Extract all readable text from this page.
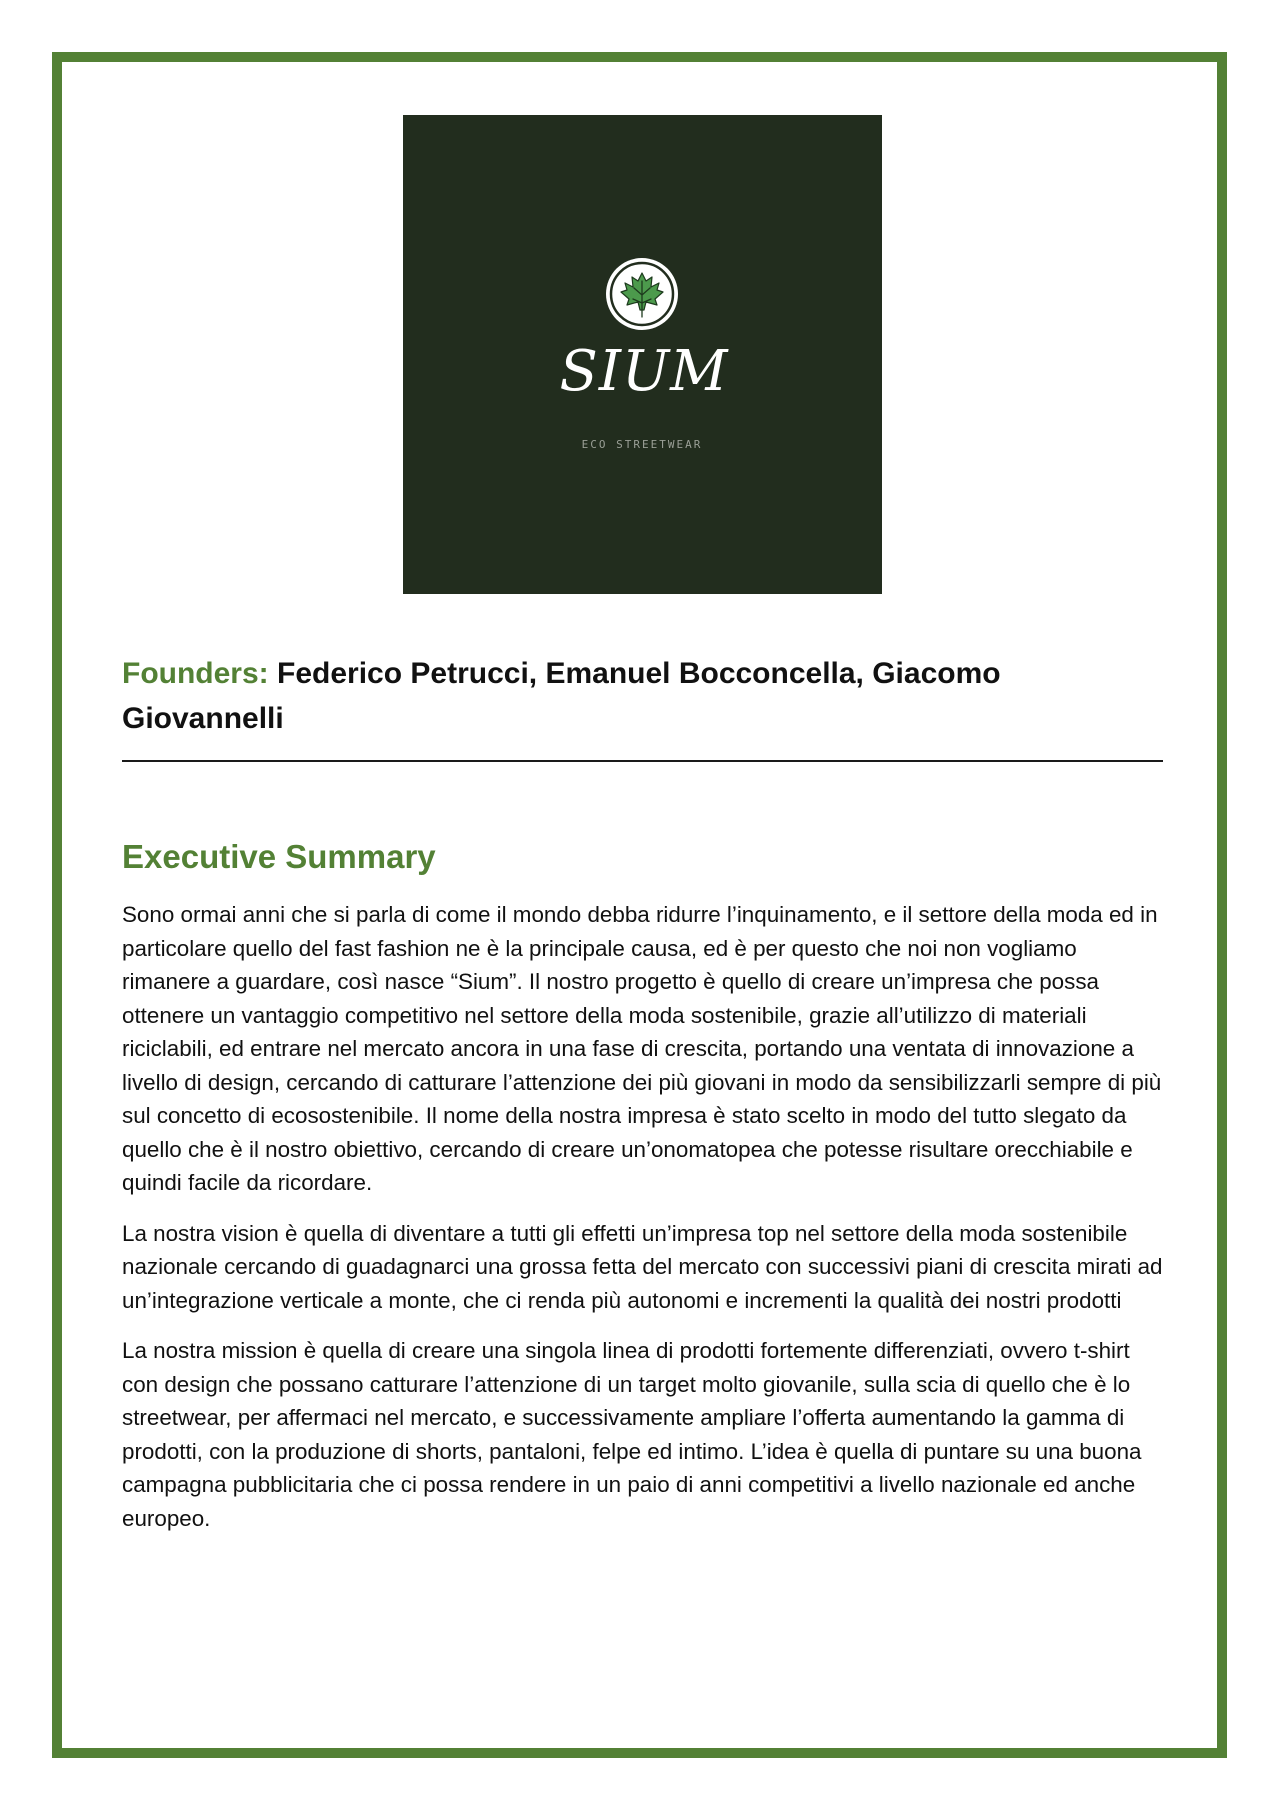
SIUM
ECO STREETWEAR
Founders: Federico Petrucci, Emanuel Bocconcella, Giacomo Giovannelli
Executive Summary

Sono ormai anni che si parla di come il mondo debba ridurre l’inquinamento, e il settore della moda ed in particolare quello del fast fashion ne è la principale causa, ed è per questo che noi non vogliamo rimanere a guardare, così nasce “Sium”. Il nostro progetto è quello di creare un’impresa che possa ottenere un vantaggio competitivo nel settore della moda sostenibile, grazie all’utilizzo di materiali riciclabili, ed entrare nel mercato ancora in una fase di crescita, portando una ventata di innovazione a livello di design, cercando di catturare l’attenzione dei più giovani in modo da sensibilizzarli sempre di più sul concetto di ecosostenibile. Il nome della nostra impresa è stato scelto in modo del tutto slegato da quello che è il nostro obiettivo, cercando di creare un’onomatopea che potesse risultare orecchiabile e quindi facile da ricordare.

La nostra vision è quella di diventare a tutti gli effetti un’impresa top nel settore della moda sostenibile nazionale cercando di guadagnarci una grossa fetta del mercato con successivi piani di crescita mirati ad un’integrazione verticale a monte, che ci renda più autonomi e incrementi la qualità dei nostri prodotti

La nostra mission è quella di creare una singola linea di prodotti fortemente differenziati, ovvero t-shirt con design che possano catturare l’attenzione di un target molto giovanile, sulla scia di quello che è lo streetwear, per affermaci nel mercato, e successivamente ampliare l’offerta aumentando la gamma di prodotti, con la produzione di shorts, pantaloni, felpe ed intimo. L’idea è quella di puntare su una buona campagna pubblicitaria che ci possa rendere in un paio di anni competitivi a livello nazionale ed anche europeo.
